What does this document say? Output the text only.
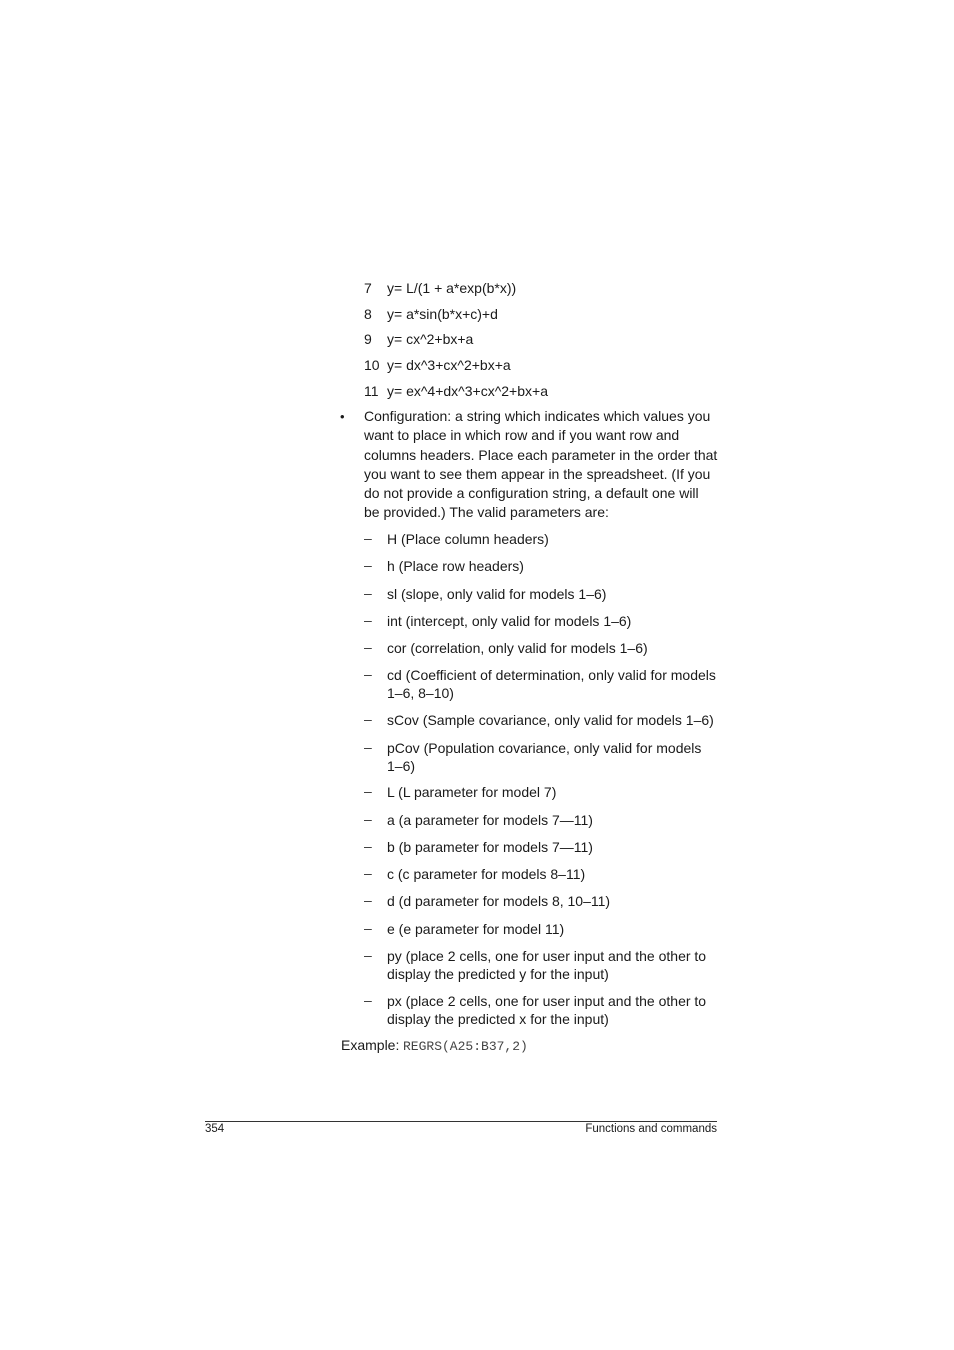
7 y= L/(1 + a*exp(b*x))
8 y= a*sin(b*x+c)+d
9 y= cx^2+bx+a
10 y= dx^3+cx^2+bx+a
11 y= ex^4+dx^3+cx^2+bx+a
• Configuration: a string which indicates which values you
want to place in which row and if you want row and
columns headers. Place each parameter in the order that
you want to see them appear in the spreadsheet. (If you
do not provide a configuration string, a default one will
be provided.) The valid parameters are:
– H (Place column headers)
– h (Place row headers)
– sl (slope, only valid for models 1–6)
– int (intercept, only valid for models 1–6)
– cor (correlation, only valid for models 1–6)
– cd (Coefficient of determination, only valid for models
1–6, 8–10)
– sCov (Sample covariance, only valid for models 1–6)
– pCov (Population covariance, only valid for models
1–6)
– L (L parameter for model 7)
– a (a parameter for models 7—11)
– b (b parameter for models 7—11)
– c (c parameter for models 8–11)
– d (d parameter for models 8, 10–11)
– e (e parameter for model 11)
– py (place 2 cells, one for user input and the other to
display the predicted y for the input)
– px (place 2 cells, one for user input and the other to
display the predicted x for the input)
Example: REGRS(A25:B37,2)
354	Functions and commands
